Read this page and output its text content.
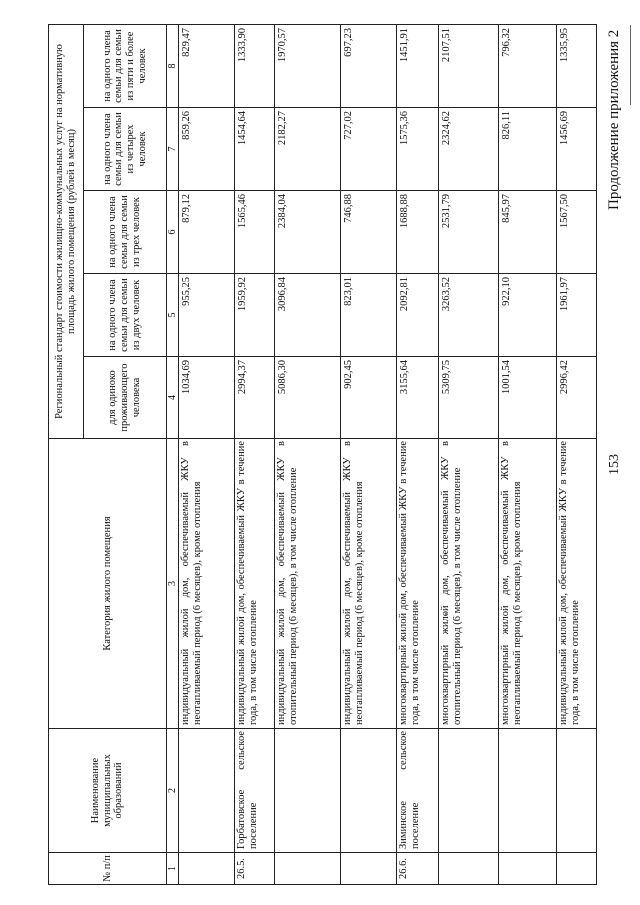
153
Продолжение приложения 2
№ п/п	Наименование муниципальных образований	Категория жилого помещения	Региональный стандарт стоимости жилищно-коммунальных услуг на нормативную площадь жилого помещения (рублей в месяц)				
			для одиноко проживающего человека	на одного члена семьи для семьи из двух человек	на одного члена семьи для семьи из трех человек	на одного члена семьи для семьи из четырех человек	на одного члена семьи для семьи из пяти и более человек
1	2	3	4	5	6	7	8
		индивидуальный жилой дом, обеспечиваемый ЖКУ в неотапливаемый период (6 месяцев), кроме отопления	1034,69	955,25	879,12	859,26	829,47
26.5.	Горбатовское сельское поселение	индивидуальный жилой дом, обеспечиваемый ЖКУ в течение года, в том числе отопление	2994,37	1959,92	1565,46	1454,64	1333,90
		индивидуальный жилой дом, обеспечиваемый ЖКУ в отопительный период (6 месяцев), в том числе отопление	5086,30	3096,84	2384,04	2182,27	1970,57
		индивидуальный жилой дом, обеспечиваемый ЖКУ в неотапливаемый период (6 месяцев), кроме отопления	902,45	823,01	746,88	727,02	697,23
26.6.	Зиминское сельское поселение	многоквартирный жилой дом, обеспечиваемый ЖКУ в течение года, в том числе отопление	3155,64	2092,81	1688,88	1575,36	1451,91
		многоквартирный жилой дом, обеспечиваемый ЖКУ в отопительный период (6 месяцев), в том числе отопление	5309,75	3263,52	2531,79	2324,62	2107,51
		многоквартирный жилой дом, обеспечиваемый ЖКУ в неотапливаемый период (6 месяцев), кроме отопления	1001,54	922,10	845,97	826,11	796,32
		индивидуальный жилой дом, обеспечиваемый ЖКУ в течение года, в том числе отопление	2996,42	1961,97	1567,50	1456,69	1335,95
